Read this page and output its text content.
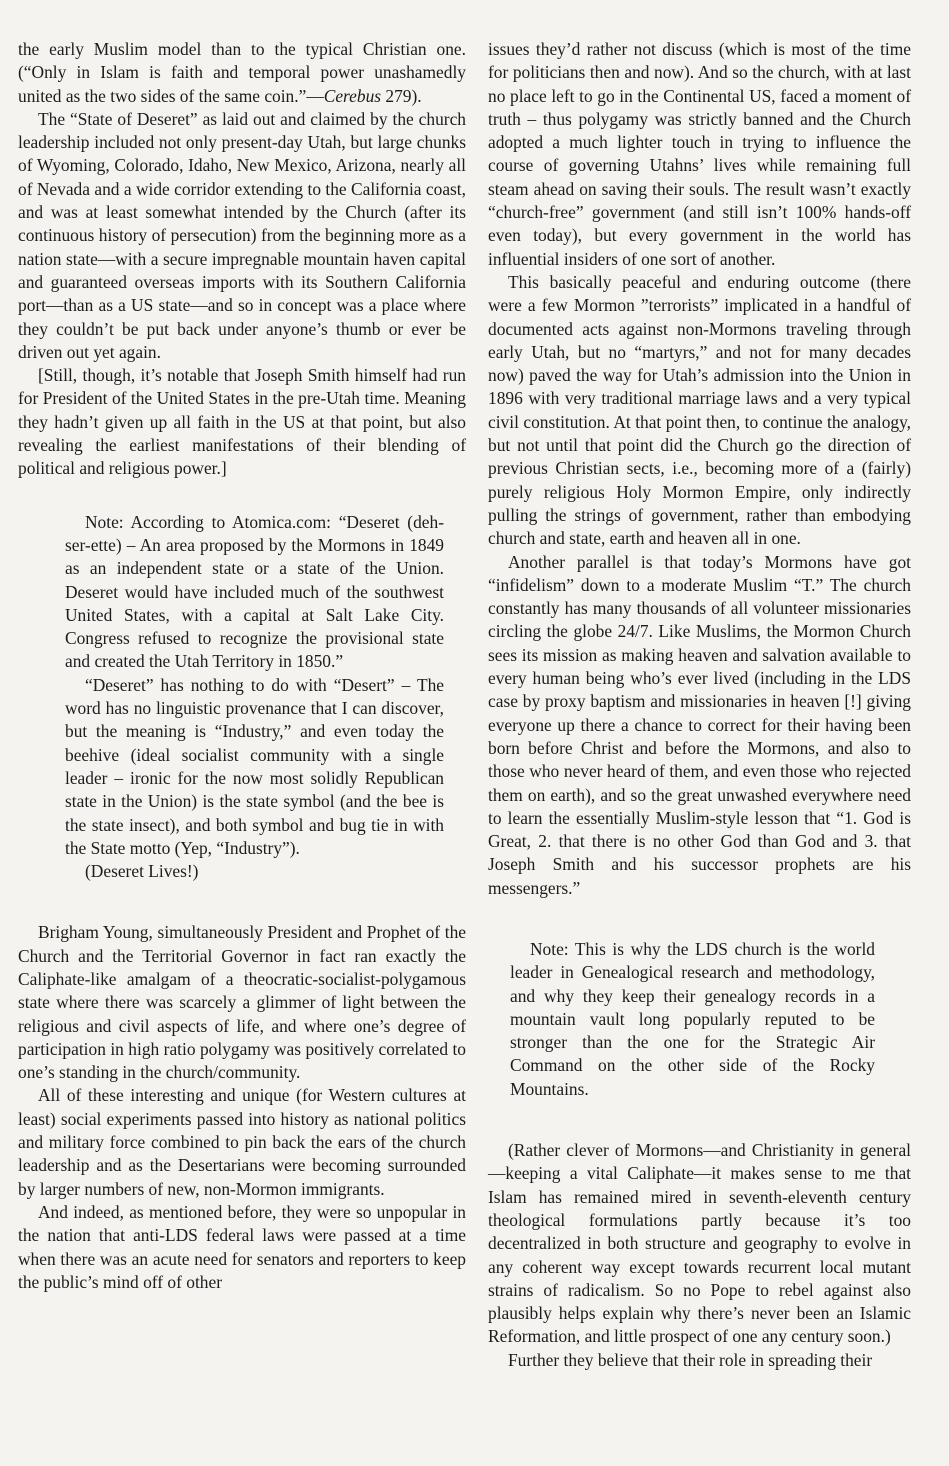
the early Muslim model than to the typical Christian one. (“Only in Islam is faith and temporal power unashamedly united as the two sides of the same coin.”—Cerebus 279).

The “State of Deseret” as laid out and claimed by the church leadership included not only present-day Utah, but large chunks of Wyoming, Colorado, Idaho, New Mexico, Arizona, nearly all of Nevada and a wide corridor extending to the California coast, and was at least somewhat intended by the Church (after its continuous history of persecution) from the beginning more as a nation state—with a secure impregnable mountain haven capital and guaranteed overseas imports with its Southern California port—than as a US state—and so in concept was a place where they couldn’t be put back under anyone’s thumb or ever be driven out yet again.

[Still, though, it’s notable that Joseph Smith himself had run for President of the United States in the pre-Utah time. Meaning they hadn’t given up all faith in the US at that point, but also revealing the earliest manifestations of their blending of political and religious power.]

Note: According to Atomica.com: “Deseret (deh-ser-ette) – An area proposed by the Mormons in 1849 as an independent state or a state of the Union. Deseret would have included much of the southwest United States, with a capital at Salt Lake City. Congress refused to recognize the provisional state and created the Utah Territory in 1850.”

“Deseret” has nothing to do with “Desert” – The word has no linguistic provenance that I can discover, but the meaning is “Industry,” and even today the beehive (ideal socialist community with a single leader – ironic for the now most solidly Republican state in the Union) is the state symbol (and the bee is the state insect), and both symbol and bug tie in with the State motto (Yep, “Industry”).

(Deseret Lives!)

Brigham Young, simultaneously President and Prophet of the Church and the Territorial Governor in fact ran exactly the Caliphate-like amalgam of a theocratic-socialist-polygamous state where there was scarcely a glimmer of light between the religious and civil aspects of life, and where one’s degree of participation in high ratio polygamy was positively correlated to one’s standing in the church/community.

All of these interesting and unique (for Western cultures at least) social experiments passed into history as national politics and military force combined to pin back the ears of the church leadership and as the Desertarians were becoming surrounded by larger numbers of new, non-Mormon immigrants.

And indeed, as mentioned before, they were so unpopular in the nation that anti-LDS federal laws were passed at a time when there was an acute need for senators and reporters to keep the public’s mind off of other

issues they’d rather not discuss (which is most of the time for politicians then and now). And so the church, with at last no place left to go in the Continental US, faced a moment of truth – thus polygamy was strictly banned and the Church adopted a much lighter touch in trying to influence the course of governing Utahns’ lives while remaining full steam ahead on saving their souls. The result wasn’t exactly “church-free” government (and still isn’t 100% hands-off even today), but every government in the world has influential insiders of one sort of another.

This basically peaceful and enduring outcome (there were a few Mormon ”terrorists” implicated in a handful of documented acts against non-Mormons traveling through early Utah, but no “martyrs,” and not for many decades now) paved the way for Utah’s admission into the Union in 1896 with very traditional marriage laws and a very typical civil constitution. At that point then, to continue the analogy, but not until that point did the Church go the direction of previous Christian sects, i.e., becoming more of a (fairly) purely religious Holy Mormon Empire, only indirectly pulling the strings of government, rather than embodying church and state, earth and heaven all in one.

Another parallel is that today’s Mormons have got “infidelism” down to a moderate Muslim “T.” The church constantly has many thousands of all volunteer missionaries circling the globe 24/7. Like Muslims, the Mormon Church sees its mission as making heaven and salvation available to every human being who’s ever lived (including in the LDS case by proxy baptism and missionaries in heaven [!] giving everyone up there a chance to correct for their having been born before Christ and before the Mormons, and also to those who never heard of them, and even those who rejected them on earth), and so the great unwashed everywhere need to learn the essentially Muslim-style lesson that “1. God is Great, 2. that there is no other God than God and 3. that Joseph Smith and his successor prophets are his messengers.”

Note: This is why the LDS church is the world leader in Genealogical research and methodology, and why they keep their genealogy records in a mountain vault long popularly reputed to be stronger than the one for the Strategic Air Command on the other side of the Rocky Mountains.

(Rather clever of Mormons—and Christianity in general—keeping a vital Caliphate—it makes sense to me that Islam has remained mired in seventh-eleventh century theological formulations partly because it’s too decentralized in both structure and geography to evolve in any coherent way except towards recurrent local mutant strains of radicalism. So no Pope to rebel against also plausibly helps explain why there’s never been an Islamic Reformation, and little prospect of one any century soon.)

Further they believe that their role in spreading their
